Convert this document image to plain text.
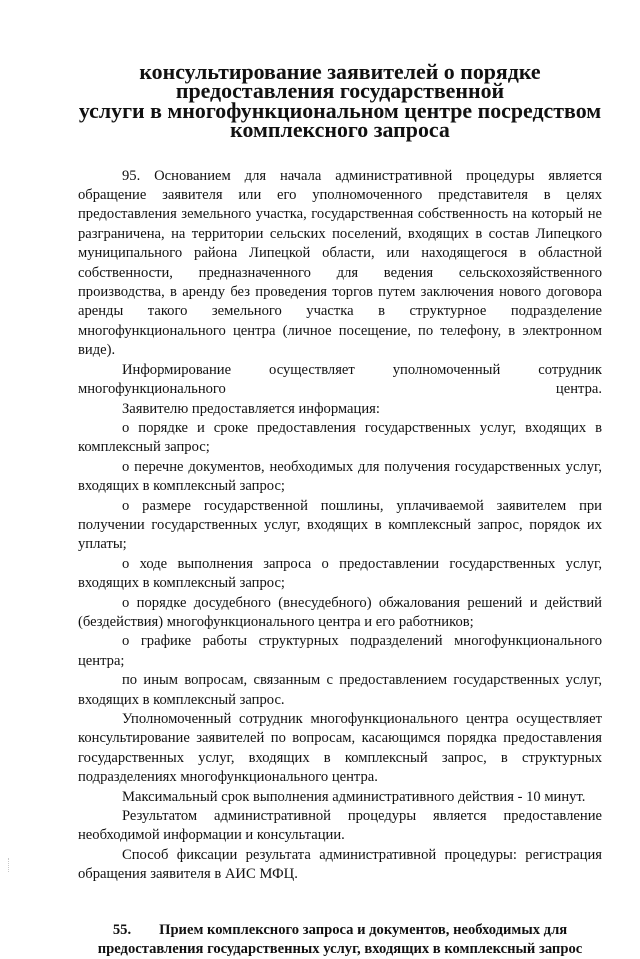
консультирование заявителей о порядке предоставления государственной
услуги в многофункциональном центре посредством комплексного запроса

95. Основанием для начала административной процедуры является обращение заявителя или его уполномоченного представителя в целях предоставления земельного участка, государственная собственность на который не разграничена, на территории сельских поселений, входящих в состав Липецкого муниципального района Липецкой области, или находящегося в областной собственности, предназначенного для ведения сельскохозяйственного производства, в аренду без проведения торгов путем заключения нового договора аренды такого земельного участка в структурное подразделение многофункционального центра (личное посещение, по телефону, в электронном виде).

Информирование осуществляет уполномоченный сотрудник многофункционального центра.

Заявителю предоставляется информация:

о порядке и сроке предоставления государственных услуг, входящих в комплексный запрос;

о перечне документов, необходимых для получения государственных услуг, входящих в комплексный запрос;

о размере государственной пошлины, уплачиваемой заявителем при получении государственных услуг, входящих в комплексный запрос, порядок их уплаты;

о ходе выполнения запроса о предоставлении государственных услуг, входящих в комплексный запрос;

о порядке досудебного (внесудебного) обжалования решений и действий (бездействия) многофункционального центра и его работников;

о графике работы структурных подразделений многофункционального центра;

по иным вопросам, связанным с предоставлением государственных услуг, входящих в комплексный запрос.

Уполномоченный сотрудник многофункционального центра осуществляет консультирование заявителей по вопросам, касающимся порядка предоставления государственных услуг, входящих в комплексный запрос, в структурных подразделениях многофункционального центра.

Максимальный срок выполнения административного действия - 10 минут.

Результатом административной процедуры является предоставление необходимой информации и консультации.

Способ фиксации результата административной процедуры: регистрация обращения заявителя в АИС МФЦ.

55. Прием комплексного запроса и документов, необходимых для
предоставления государственных услуг, входящих в комплексный запрос
